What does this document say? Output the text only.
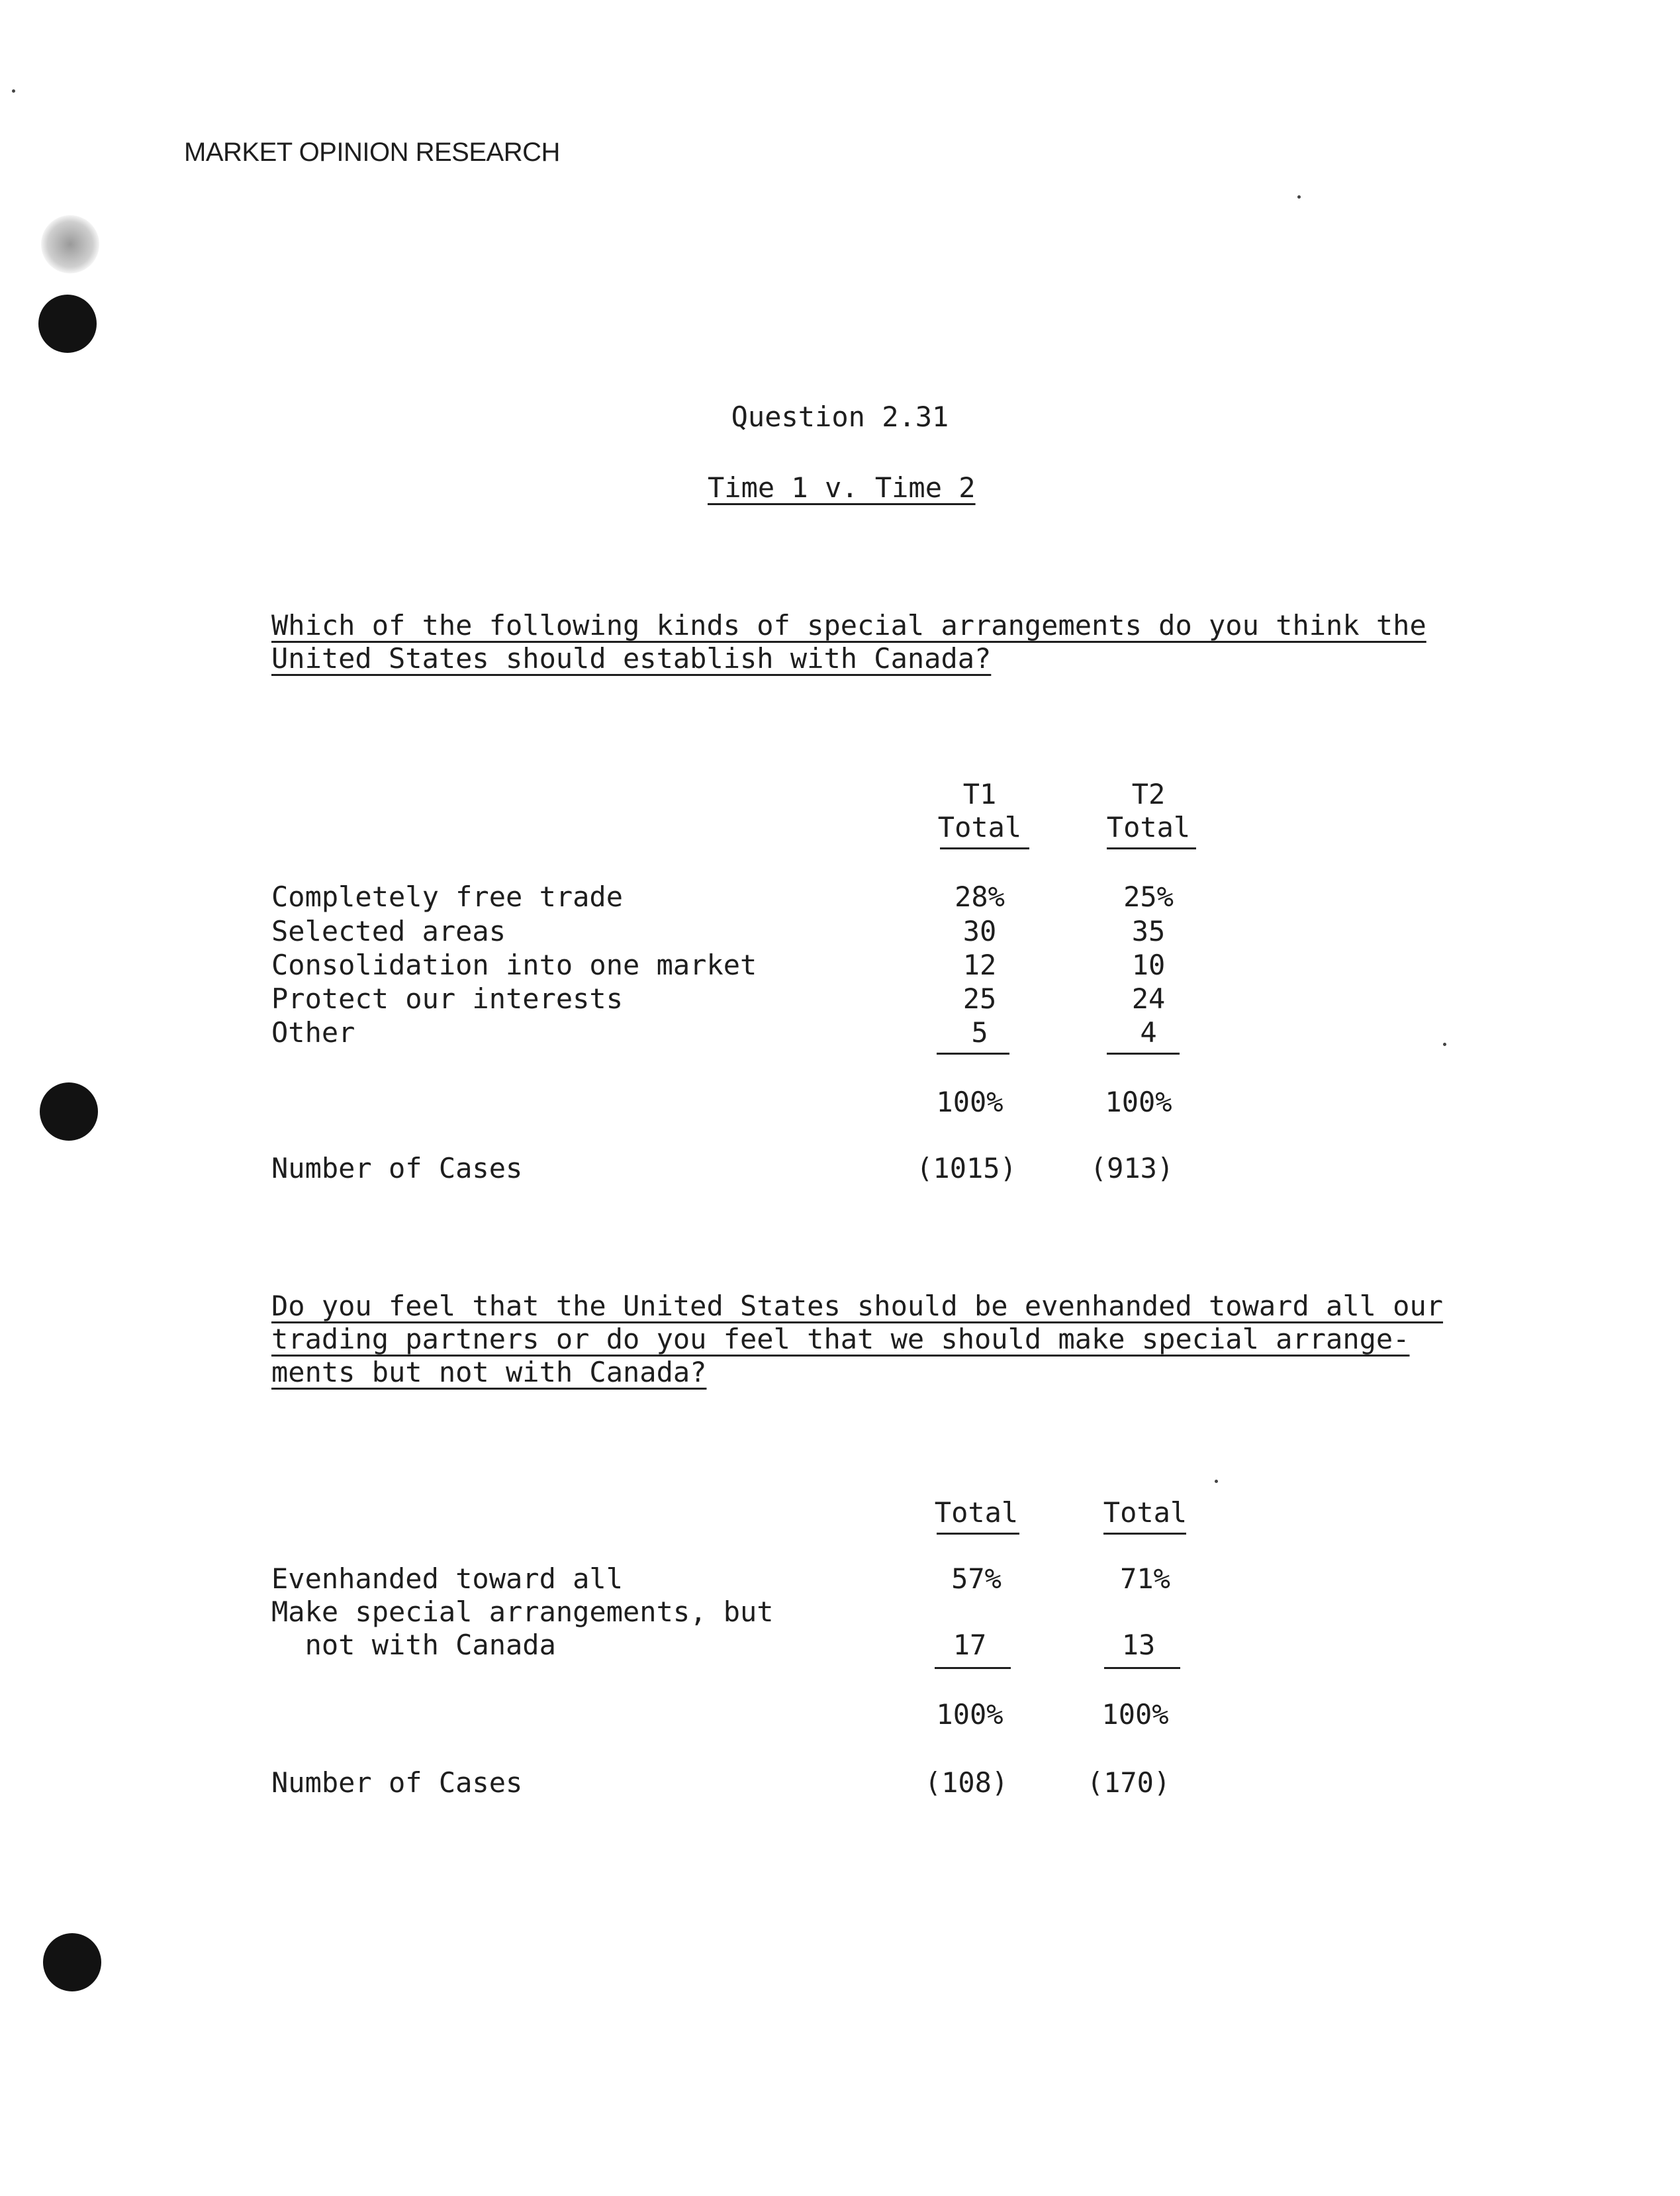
MARKET OPINION RESEARCH
Question 2.31
Time 1 v. Time 2
Which of the following kinds of special arrangements do you think the
United States should establish with Canada?
T1
Total
T2
Total
Completely free trade	28%	25%
Selected areas	30	35
Consolidation into one market	12	10
Protect our interests	25	24
Other	5	4
100%	100%
Number of Cases	(1015)	(913)
Do you feel that the United States should be evenhanded toward all our
trading partners or do you feel that we should make special arrange-
ments but not with Canada?
Total	Total
Evenhanded toward all	57%	71%
Make special arrangements, but
not with Canada	17	13
100%	100%
Number of Cases	(108)	(170)
